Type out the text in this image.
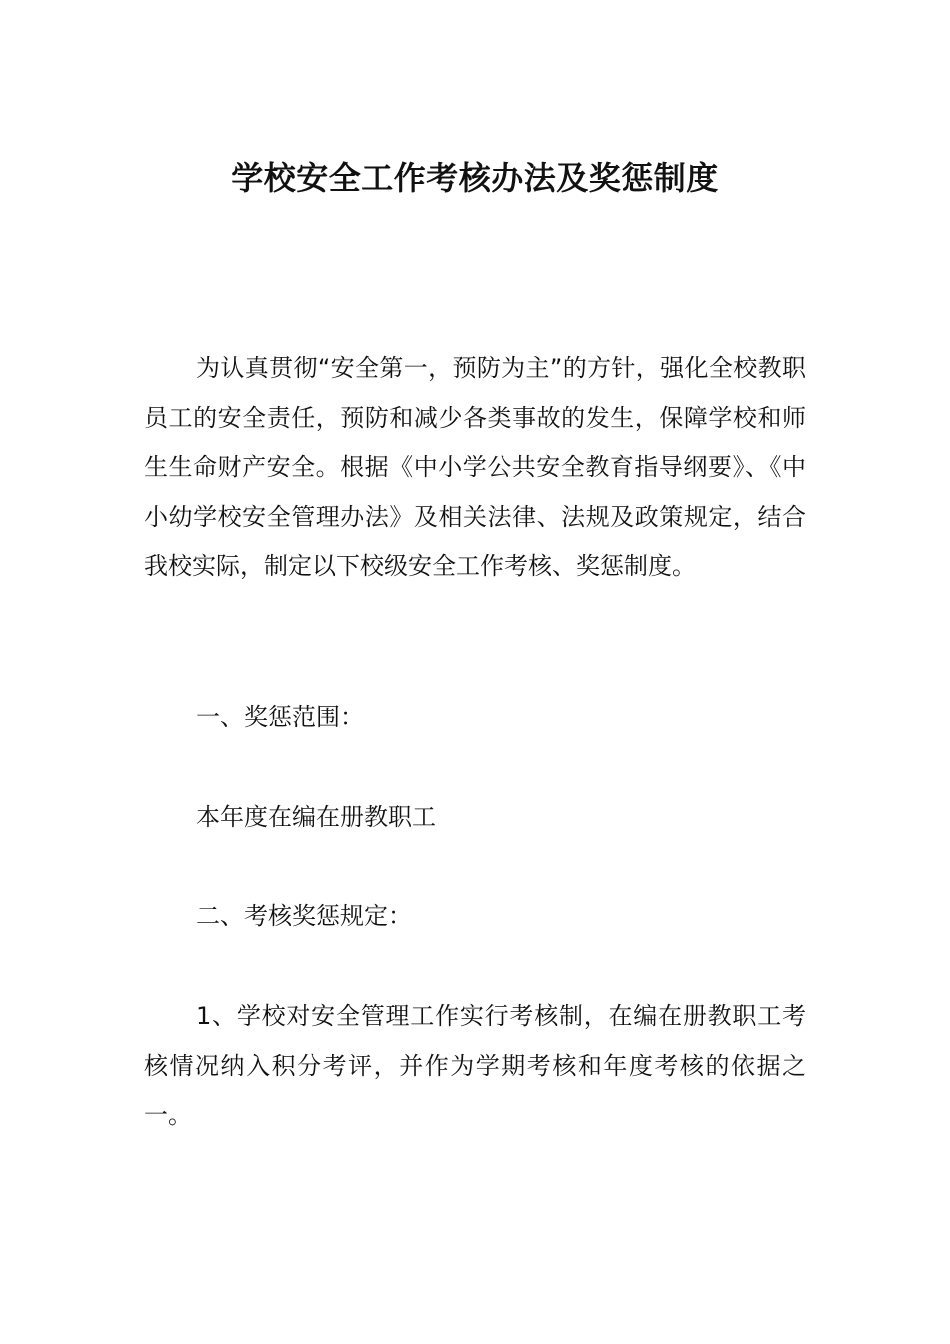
学校安全工作考核办法及奖惩制度

为认真贯彻“安全第一，预防为主”的方针，强化全校教职员工的安全责任，预防和减少各类事故的发生，保障学校和师生生命财产安全。根据《中小学公共安全教育指导纲要》、《中小幼学校安全管理办法》及相关法律、法规及政策规定，结合我校实际，制定以下校级安全工作考核、奖惩制度。

一、奖惩范围：

本年度在编在册教职工

二、考核奖惩规定：

1、学校对安全管理工作实行考核制，在编在册教职工考核情况纳入积分考评，并作为学期考核和年度考核的依据之一。
